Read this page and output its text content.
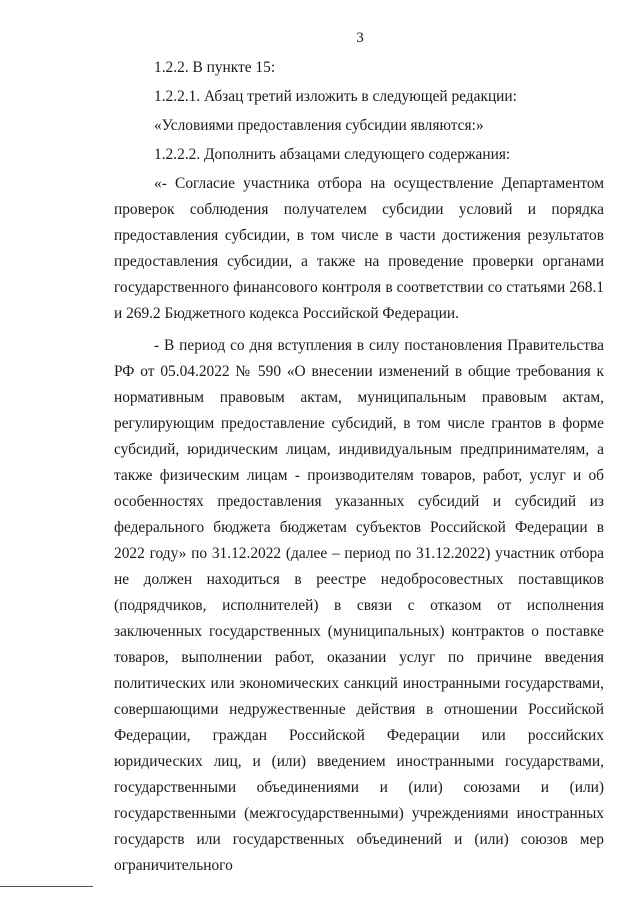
3

1.2.2. В пункте 15:

1.2.2.1. Абзац третий изложить в следующей редакции:

«Условиями предоставления субсидии являются:»

1.2.2.2. Дополнить абзацами следующего содержания:

«- Согласие участника отбора на осуществление Департаментом проверок соблюдения получателем субсидии условий и порядка предоставления субсидии, в том числе в части достижения результатов предоставления субсидии, а также на проведение проверки органами государственного финансового контроля в соответствии со статьями 268.1 и 269.2 Бюджетного кодекса Российской Федерации.

- В период со дня вступления в силу постановления Правительства РФ от 05.04.2022 № 590 «О внесении изменений в общие требования к нормативным правовым актам, муниципальным правовым актам, регулирующим предоставление субсидий, в том числе грантов в форме субсидий, юридическим лицам, индивидуальным предпринимателям, а также физическим лицам - производителям товаров, работ, услуг и об особенностях предоставления указанных субсидий и субсидий из федерального бюджета бюджетам субъектов Российской Федерации в 2022 году» по 31.12.2022 (далее – период по 31.12.2022) участник отбора не должен находиться в реестре недобросовестных поставщиков (подрядчиков, исполнителей) в связи с отказом от исполнения заключенных государственных (муниципальных) контрактов о поставке товаров, выполнении работ, оказании услуг по причине введения политических или экономических санкций иностранными государствами, совершающими недружественные действия в отношении Российской Федерации, граждан Российской Федерации или российских юридических лиц, и (или) введением иностранными государствами, государственными объединениями и (или) союзами и (или) государственными (межгосударственными) учреждениями иностранных государств или государственных объединений и (или) союзов мер ограничительного
